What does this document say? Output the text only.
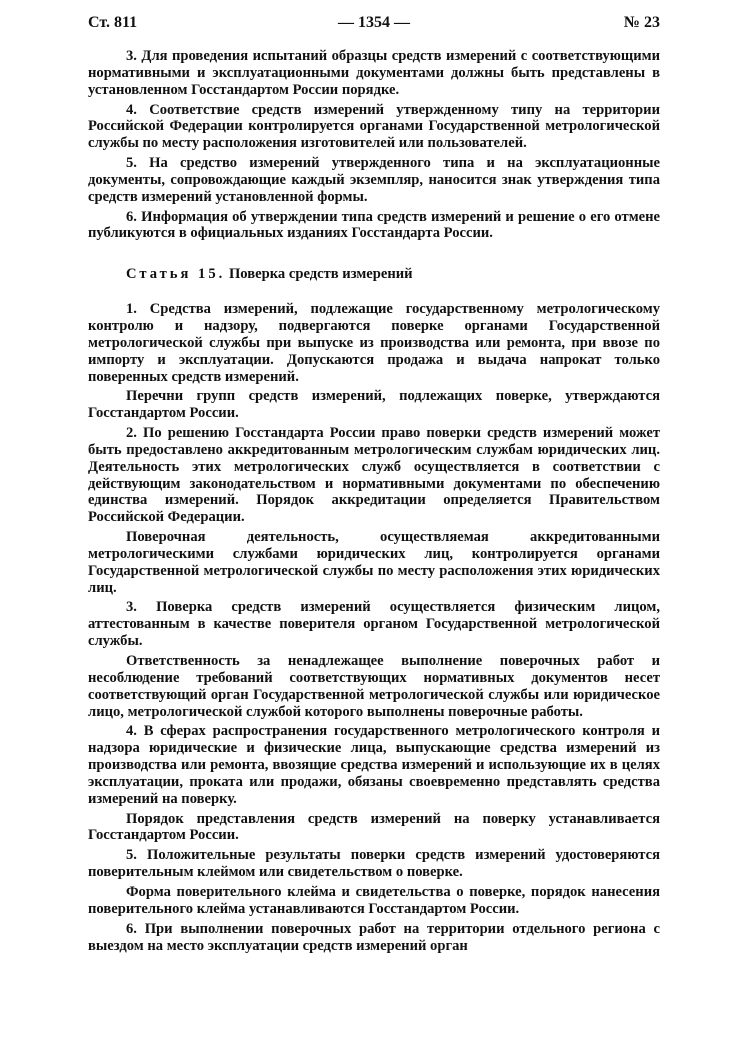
Ст. 811	— 1354 —	№ 23

3. Для проведения испытаний образцы средств измерений с соответствующими нормативными и эксплуатационными документами должны быть представлены в установленном Госстандартом России порядке.

4. Соответствие средств измерений утвержденному типу на территории Российской Федерации контролируется органами Государственной метрологической службы по месту расположения изготовителей или пользователей.

5. На средство измерений утвержденного типа и на эксплуатационные документы, сопровождающие каждый экземпляр, наносится знак утверждения типа средств измерений установленной формы.

6. Информация об утверждении типа средств измерений и решение о его отмене публикуются в официальных изданиях Госстандарта России.

Статья 15. Поверка средств измерений

1. Средства измерений, подлежащие государственному метрологическому контролю и надзору, подвергаются поверке органами Государственной метрологической службы при выпуске из производства или ремонта, при ввозе по импорту и эксплуатации. Допускаются продажа и выдача напрокат только поверенных средств измерений.

Перечни групп средств измерений, подлежащих поверке, утверждаются Госстандартом России.

2. По решению Госстандарта России право поверки средств измерений может быть предоставлено аккредитованным метрологическим службам юридических лиц. Деятельность этих метрологических служб осуществляется в соответствии с действующим законодательством и нормативными документами по обеспечению единства измерений. Порядок аккредитации определяется Правительством Российской Федерации.

Поверочная деятельность, осуществляемая аккредитованными метрологическими службами юридических лиц, контролируется органами Государственной метрологической службы по месту расположения этих юридических лиц.

3. Поверка средств измерений осуществляется физическим лицом, аттестованным в качестве поверителя органом Государственной метрологической службы.

Ответственность за ненадлежащее выполнение поверочных работ и несоблюдение требований соответствующих нормативных документов несет соответствующий орган Государственной метрологической службы или юридическое лицо, метрологической службой которого выполнены поверочные работы.

4. В сферах распространения государственного метрологического контроля и надзора юридические и физические лица, выпускающие средства измерений из производства или ремонта, ввозящие средства измерений и использующие их в целях эксплуатации, проката или продажи, обязаны своевременно представлять средства измерений на поверку.

Порядок представления средств измерений на поверку устанавливается Госстандартом России.

5. Положительные результаты поверки средств измерений удостоверяются поверительным клеймом или свидетельством о поверке.

Форма поверительного клейма и свидетельства о поверке, порядок нанесения поверительного клейма устанавливаются Госстандартом России.

6. При выполнении поверочных работ на территории отдельного региона с выездом на место эксплуатации средств измерений орган
